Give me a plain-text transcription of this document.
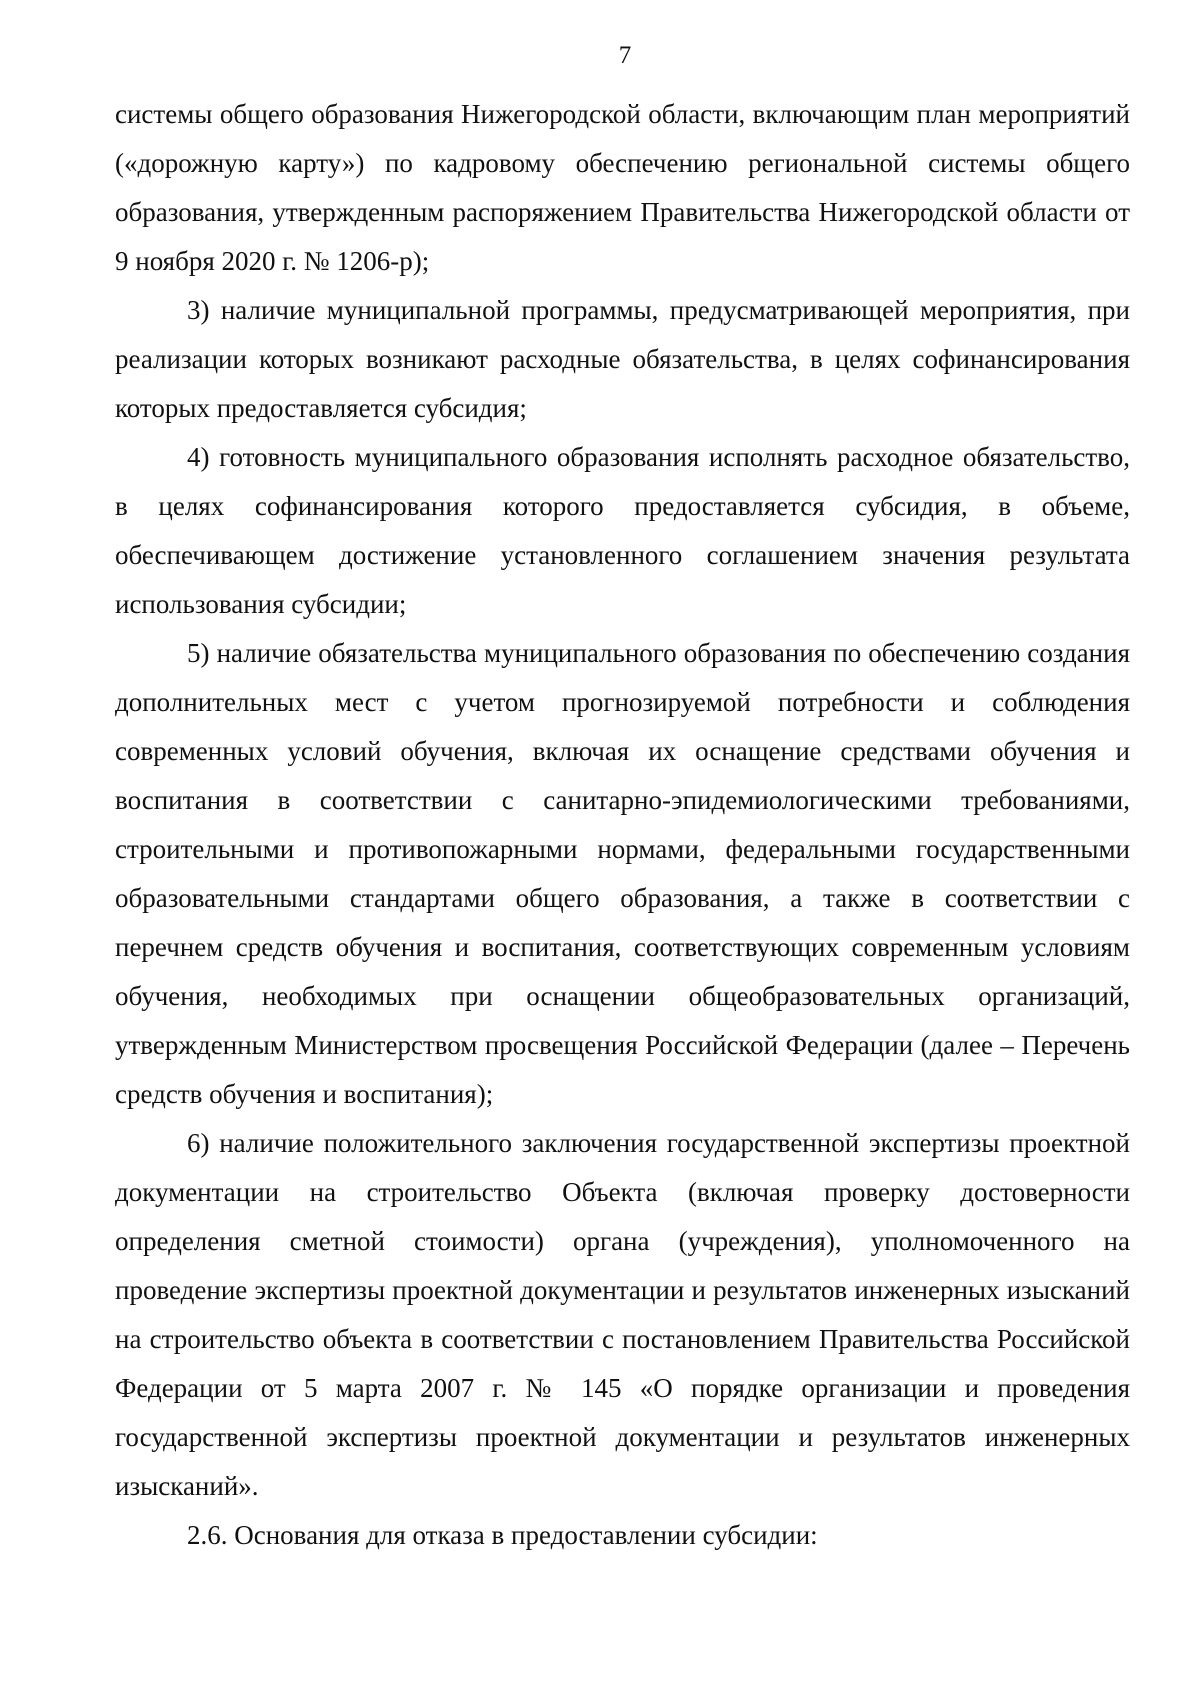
7

системы общего образования Нижегородской области, включающим план мероприятий («дорожную карту») по кадровому обеспечению региональной системы общего образования, утвержденным распоряжением Правительства Нижегородской области от 9 ноября 2020 г. № 1206-р);

3) наличие муниципальной программы, предусматривающей мероприятия, при реализации которых возникают расходные обязательства, в целях софинансирования которых предоставляется субсидия;

4) готовность муниципального образования исполнять расходное обязательство, в целях софинансирования которого предоставляется субсидия, в объеме, обеспечивающем достижение установленного соглашением значения результата использования субсидии;

5) наличие обязательства муниципального образования по обеспечению создания дополнительных мест с учетом прогнозируемой потребности и соблюдения современных условий обучения, включая их оснащение средствами обучения и воспитания в соответствии с санитарно-эпидемиологическими требованиями, строительными и противопожарными нормами, федеральными государственными образовательными стандартами общего образования, а также в соответствии с перечнем средств обучения и воспитания, соответствующих современным условиям обучения, необходимых при оснащении общеобразовательных организаций, утвержденным Министерством просвещения Российской Федерации (далее – Перечень средств обучения и воспитания);

6) наличие положительного заключения государственной экспертизы проектной документации на строительство Объекта (включая проверку достоверности определения сметной стоимости) органа (учреждения), уполномоченного на проведение экспертизы проектной документации и результатов инженерных изысканий на строительство объекта в соответствии с постановлением Правительства Российской Федерации от 5 марта 2007 г. № 145 «О порядке организации и проведения государственной экспертизы проектной документации и результатов инженерных изысканий».

2.6. Основания для отказа в предоставлении субсидии:
